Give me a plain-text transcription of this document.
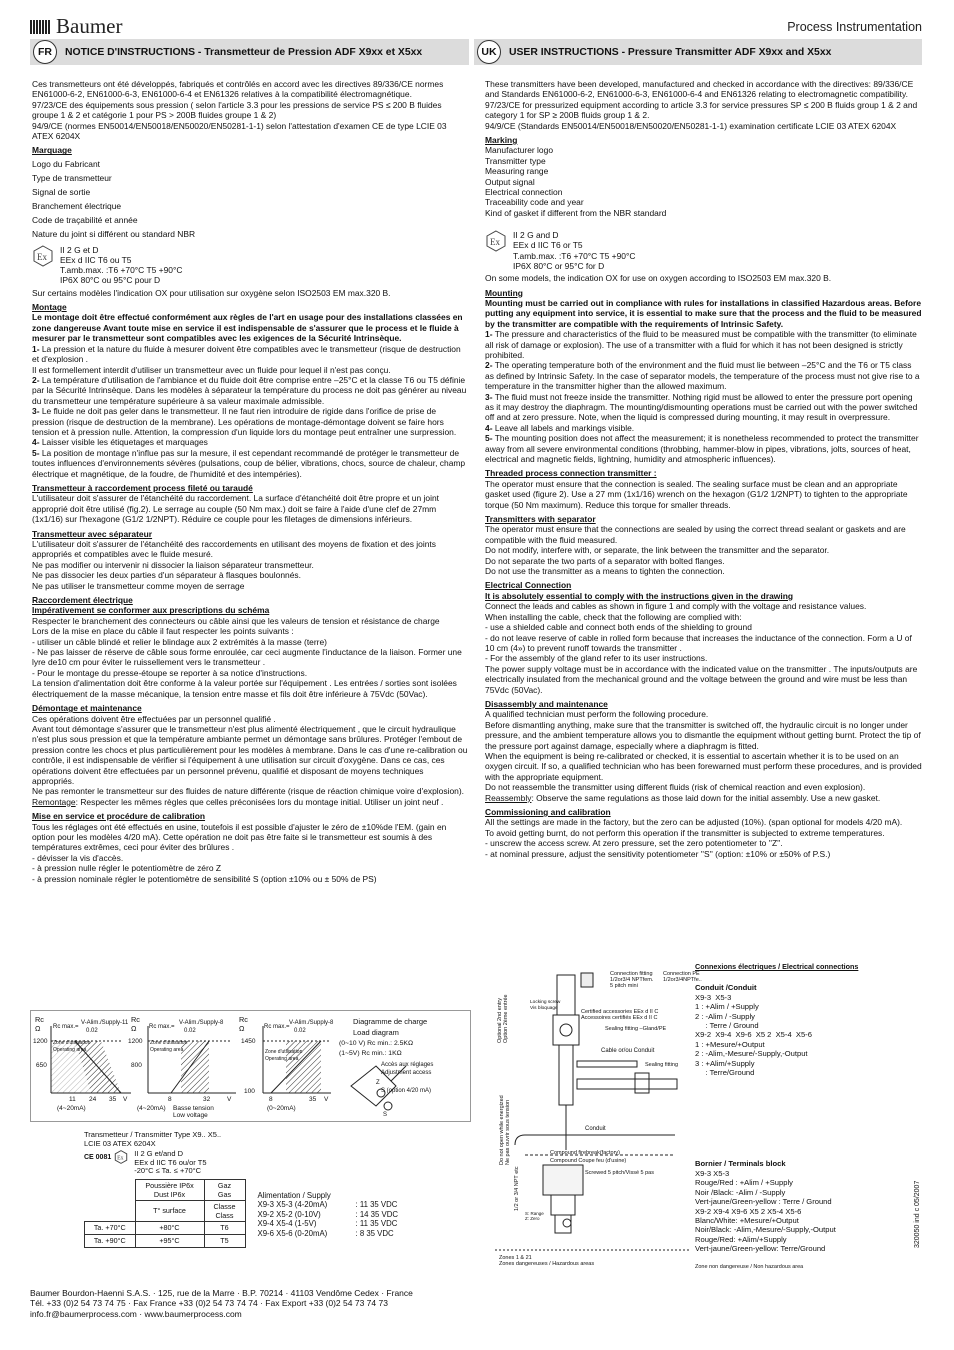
Baumer	Process Instrumentation
FR	NOTICE D'INSTRUCTIONS - Transmetteur de Pression ADF X9xx et X5xx	UK	USER INSTRUCTIONS - Pressure Transmitter ADF X9xx and X5xx

Ces transmetteurs ont été développés, fabriqués et contrôlés en accord avec les directives 89/336/CE normes EN61000-6-2, EN61000-6-3, EN61000-6-4 et EN61326 relatives à la compatibilité électromagnétique.

97/23/CE des équipements sous pression ( selon l'article 3.3 pour les pressions de service PS ≤ 200 B fluides groupe 1 & 2 et catégorie 1 pour PS > 200B fluides groupe 1 & 2)

94/9/CE (normes EN50014/EN50018/EN50020/EN50281-1-1) selon l'attestation d'examen CE de type LCIE 03 ATEX 6204X

Marquage

Logo du Fabricant

Type de transmetteur

Signal de sortie

Branchement électrique

Code de traçabilité et année

Nature du joint si différent ou standard NBR

Ex

II 2 G et D

EEx d IIC T6 ou T5

T.amb.max. :T6 +70°C T5 +90°C

IP6X 80°C ou 95°C pour D

Sur certains modèles l'indication OX pour utilisation sur oxygène selon ISO2503 EM max.320 B.

Montage

Le montage doit être effectué conformément aux règles de l'art en usage pour des installations classées en zone dangereuse Avant toute mise en service il est indispensable de s'assurer que le process et le fluide à mesurer par le transmetteur sont compatibles avec les exigences de la Sécurité Intrinsèque.

1- La pression et la nature du fluide à mesurer doivent être compatibles avec le transmetteur (risque de destruction et d'explosion .

Il est formellement interdit d'utiliser un transmetteur avec un fluide pour lequel il n'est pas conçu.

2- La température d'utilisation de l'ambiance et du fluide doit être comprise entre –25°C et la classe T6 ou T5 définie par la Sécurité Intrinsèque. Dans les modèles à séparateur la température du process ne doit pas générer au niveau du transmetteur une température supérieure à sa valeur maximale admissible.

3- Le fluide ne doit pas geler dans le transmetteur. Il ne faut rien introduire de rigide dans l'orifice de prise de pression (risque de destruction de la membrane). Les opérations de montage-démontage doivent se faire hors tension et à pression nulle. Attention, la compression d'un liquide lors du montage peut entraîner une surpression.

4- Laisser visible les étiquetages et marquages

5- La position de montage n'influe pas sur la mesure, il est cependant recommandé de protéger le transmetteur de toutes influences d'environnements sévères (pulsations, coup de bélier, vibrations, chocs, source de chaleur, champ électrique et magnétique, de la foudre, de l'humidité et des intempéries).

Transmetteur à raccordement process fileté ou taraudé

L'utilisateur doit s'assurer de l'étanchéité du raccordement. La surface d'étanchéité doit être propre et un joint approprié doit être utilisé (fig.2). Le serrage au couple (50 Nm max.) doit se faire à l'aide d'une clef de 27mm (1x1/16) sur l'hexagone (G1/2 1/2NPT). Réduire ce couple pour les filetages de dimensions inférieurs.

Transmetteur avec séparateur

L'utilisateur doit s'assurer de l'étanchéité des raccordements en utilisant des moyens de fixation et des joints appropriés et compatibles avec le fluide mesuré.

Ne pas modifier ou intervenir ni dissocier la liaison séparateur transmetteur.

Ne pas dissocier les deux parties d'un séparateur à flasques boulonnés.

Ne pas utiliser le transmetteur comme moyen de serrage

Raccordement électrique

Impérativement se conformer aux prescriptions du schéma

Respecter le branchement des connecteurs ou câble ainsi que les valeurs de tension et résistance de charge

Lors de la mise en place du câble il faut respecter les points suivants :

- utiliser un câble blindé et relier le blindage aux 2 extrémités à la masse (terre)

- Ne pas laisser de réserve de câble sous forme enroulée, car ceci augmente l'inductance de la liaison. Former une lyre de10 cm pour éviter le ruissellement vers le transmetteur .

- Pour le montage du presse-étoupe se reporter à sa notice d'instructions.

La tension d'alimentation doit être conforme à la valeur portée sur l'équipement . Les entrées / sorties sont isolées électriquement de la masse mécanique, la tension entre masse et fils doit être inférieure à 75Vdc (50Vac).

Démontage et maintenance

Ces opérations doivent être effectuées par un personnel qualifié .

Avant tout démontage s'assurer que le transmetteur n'est plus alimenté électriquement , que le circuit hydraulique n'est plus sous pression et que la température ambiante permet un démontage sans brûlures. Protéger l'embout de pression contre les chocs et plus particulièrement pour les modèles à membrane. Dans le cas d'une re-calibration ou contrôle, il est indispensable de vérifier si l'équipement à une utilisation sur circuit d'oxygène. Dans ce cas, ces opérations doivent être effectuées par un personnel prévenu, qualifié et disposant de moyens techniques appropriés.

Ne pas remonter le transmetteur sur des fluides de nature différente (risque de réaction chimique voire d'explosion).

Remontage: Respecter les mêmes règles que celles préconisées lors du montage initial. Utiliser un joint neuf .

Mise en service et procédure de calibration

Tous les réglages ont été effectués en usine, toutefois il est possible d'ajuster le zéro de ±10%de l'EM. (gain en option pour les modèles 4/20 mA). Cette opération ne doit pas être faite si le transmetteur est soumis à des températures extrêmes, ceci pour éviter des brûlures .

- dévisser la vis d'accès.

- à pression nulle régler le potentiomètre de zéro Z

- à pression nominale régler le potentiomètre de sensibilité S (option ±10% ou ± 50% de PS)

These transmitters have been developed, manufactured and checked in accordance with the directives: 89/336/CE and Standards EN61000-6-2, EN61000-6-3, EN61000-6-4 and EN61326 relating to electromagnetic compatibility.

97/23/CE for pressurized equipment according to article 3.3 for service pressures SP ≤ 200 B fluids group 1 & 2 and category 1 for SP ≥ 200B fluids group 1 & 2.

94/9/CE (Standards EN50014/EN50018/EN50020/EN50281-1-1) examination certificate LCIE 03 ATEX 6204X

Marking

Manufacturer logo

Transmitter type

Measuring range

Output signal

Electrical connection

Traceability code and year

Kind of gasket if different from the NBR standard

Ex

II 2 G and D

EEx d IIC T6 or T5

T.amb.max. :T6 +70°C T5 +90°C

IP6X 80°C or 95°C for D

On some models, the indication OX for use on oxygen according to ISO2503 EM max.320 B.

Mounting

Mounting must be carried out in compliance with rules for installations in classified Hazardous areas. Before putting any equipment into service, it is essential to make sure that the process and the fluid to be measured by the transmitter are compatible with the requirements of Intrinsic Safety.

1- The pressure and characteristics of the fluid to be measured must be compatible with the transmitter (to eliminate all risk of damage or explosion). The use of a transmitter with a fluid for which it has not been designed is strictly prohibited.

2- The operating temperature both of the environment and the fluid must lie between –25°C and the T6 or T5 class as defined by Intrinsic Safety. In the case of separator models, the temperature of the process must not give rise to a temperature in the transmitter higher than the allowed maximum.

3- The fluid must not freeze inside the transmitter. Nothing rigid must be allowed to enter the pressure port opening as it may destroy the diaphragm. The mounting/dismounting operations must be carried out with the power switched off and at zero pressure. Note, when the liquid is compressed during mounting, it may result in overpressure.

4- Leave all labels and markings visible.

5- The mounting position does not affect the measurement; it is nonetheless recommended to protect the transmitter away from all severe environmental conditions (throbbing, hammer-blow in pipes, vibrations, jolts, sources of heat, electrical and magnetic fields, lightning, humidity and atmospheric influences).

Threaded process connection transmitter :

The operator must ensure that the connection is sealed. The sealing surface must be clean and an appropriate gasket used (figure 2). Use a 27 mm (1x1/16) wrench on the hexagon (G1/2 1/2NPT) to tighten to the appropriate torque (50 Nm maximum). Reduce this torque for smaller threads.

Transmitters with separator

The operator must ensure that the connections are sealed by using the correct thread sealant or gaskets and are compatible with the fluid measured.

Do not modify, interfere with, or separate, the link between the transmitter and the separator.

Do not separate the two parts of a separator with bolted flanges.

Do not use the transmitter as a means to tighten the connection.

Electrical Connection

It is absolutely essential to comply with the instructions given in the drawing

Connect the leads and cables as shown in figure 1 and comply with the voltage and resistance values.

When installing the cable, check that the following are complied with:

- use a shielded cable and connect both ends of the shielding to ground

- do not leave reserve of cable in rolled form because that increases the inductance of the connection. Form a U of 10 cm (4») to prevent runoff towards the transmitter .

- For the assembly of the gland refer to its user instructions.

The power supply voltage must be in accordance with the indicated value on the transmitter . The inputs/outputs are electrically insulated from the mechanical ground and the voltage between the ground and wire must be less than 75Vdc (50Vac).

Disassembly and maintenance

A qualified technician must perform the following procedure.

Before dismantling anything, make sure that the transmitter is switched off, the hydraulic circuit is no longer under pressure, and the ambient temperature allows you to dismantle the equipment without getting burnt. Protect the tip of the pressure port against damage, especially where a diaphragm is fitted.

When the equipment is being re-calibrated or checked, it is essential to ascertain whether it is to be used on an oxygen circuit. If so, a qualified technician who has been forewarned must perform these procedures, and is provided with the appropriate equipment.

Do not reassemble the transmitter using different fluids (risk of chemical reaction and even explosion).

Reassembly: Observe the same regulations as those laid down for the initial assembly. Use a new gasket.

Commissioning and calibration

All the settings are made in the factory, but the zero can be adjusted (10%). (span optional for models 4/20 mA).

To avoid getting burnt, do not perform this operation if the transmitter is subjected to extreme temperatures.

- unscrew the access screw. At zero pressure, set the zero potentiometer to ''Z''.

- at nominal pressure, adjust the sensitivity potentiometer ''S'' (option: ±10% or ±50% of P.S.)

Rc
Ω	Rc max.=
V-Alim./Supply-11
0.02
1200
650
Zone d'utilisation
Operating area
11 24 35 V
(4~20mA)
Rc
Ω	Rc max.=
V-Alim./Supply-8
0.02
1200
800
Zone d'utilisation
Operating area
8	32	V
(4~20mA) Basse tension
Low voltage
Rc
Ω	Rc max.=
V-Alim./Supply-8
0.02
1450
100
Zone d'utilisation
Operating area
8	35 V
(0~20mA)
Diagramme de charge
Load diagram
(0~10 V) Rc min.: 2.5KΩ
(1~5V) Rc min.: 1KΩ
Accès aux réglages
Adjustment access
S (option 4/20 mA)
Z
S
Transmetteur / Transmitter Type X9.. X5..
LCIE 03 ATEX 6204X
CE 0081 Ex
II 2 G et/and D
EEx d IIC T6 ou/or T5
-20°C ≤ Ta. ≤ +70°C
	Poussière IP6x
Dust IP6x	Gaz
Gas
	T° surface	Classe
Class
Ta. +70°C	+80°C	T6
Ta. +90°C	+95°C	T5
Alimentation / Supply
X9-3 X5-3 (4-20mA)	: 11 35 VDC
X9-2 X5-2 (0-10V)	: 14 35 VDC
X9-4 X5-4 (1-5V)	: 11 35 VDC
X9-6 X5-6 (0-20mA)	: 8 35 VDC
Connection fitting
1/2or3/4 NPTfem.
5 pitch mini
Connection PE
1/2or3/4NPTfe..
Certified accessories EEx d II C
Accessoires certifiés EEx d II C
Sealing fitting –Gland/PE
Cable or/ou Conduit
Sealing fitting
Conduit
Compound firebreak(factory)
Compound Coupe feu (d'usine)
Screwed 5 pitch/Vissé 5 pas
Locking screw
Vis bloquage
S: Range
Z: Zero
Optional 2nd entry
Option 2ème entrée
Do not open while energized
Ne pas ouvrir sous tension
1/2 or 3/4 NPT etc
Zones 1 & 21
Zones dangereuses / Hazardous areas	Zone non dangereuse / Non hazardous area
Connexions électriques / Electrical connections
Conduit /Conduit
X9-3  X5-3
1 : +Alim / +Supply
2 : -Alim / -Supply
: Terre / Ground
X9-2  X9-4  X9-6  X5 2  X5-4  X5-6
1 : +Mesure/+Output
2 : -Alim,-Mesure/-Supply,-Output
3 : +Alim/+Supply
: Terre/Ground
Bornier / Terminals block
X9-3 X5-3
Rouge/Red : +Alim / +Supply
Noir /Black: -Alim / -Supply
Vert-jaune/Green-yellow : Terre / Ground
X9-2 X9-4 X9-6 X5 2 X5-4 X5-6
Blanc/White: +Mesure/+Output
Noir/Black: -Alim,-Mesure/-Supply,-Output
Rouge/Red: +Alim/+Supply
Vert-jaune/Green-yellow: Terre/Ground
Baumer Bourdon-Haenni S.A.S. · 125, rue de la Marre · B.P. 70214 · 41103 Vendôme Cedex · France
Tél. +33 (0)2 54 73 74 75 · Fax France +33 (0)2 54 73 74 74 · Fax Export +33 (0)2 54 73 74 73
info.fr@baumerprocess.com · www.baumerprocess.com
320050 ind c 05/2007
